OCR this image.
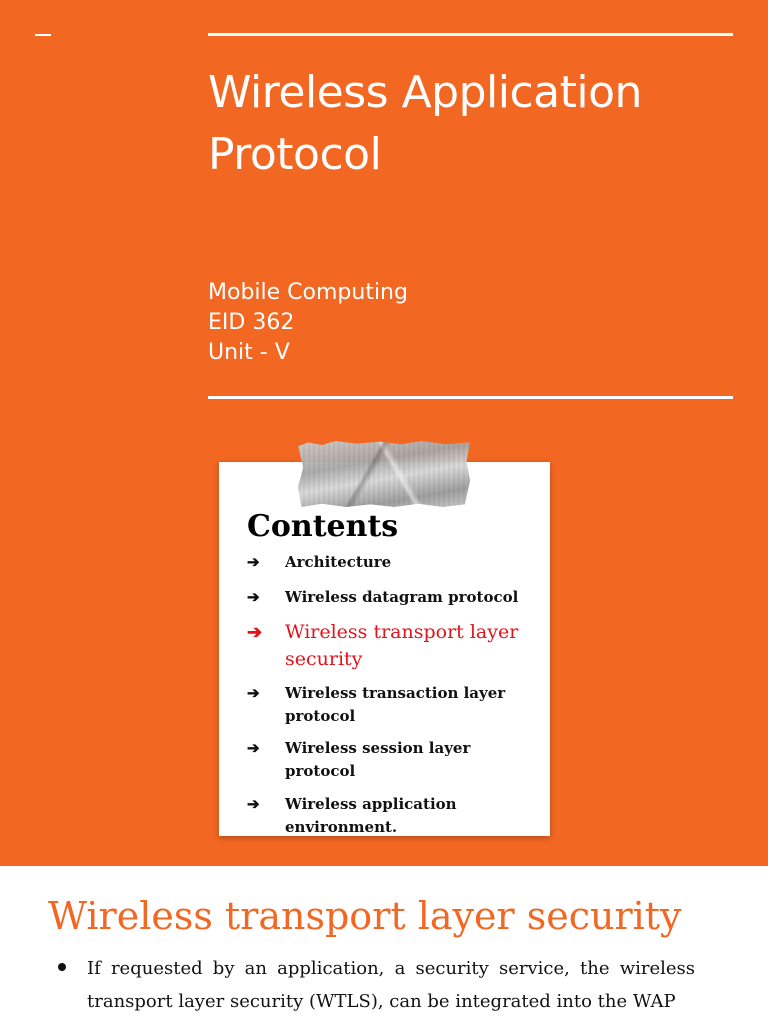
Wireless Application Protocol
Mobile Computing
EID 362
Unit - V
Contents
➔	Architecture
➔	Wireless datagram protocol
➔	Wireless transport layer security
➔	Wireless transaction layer protocol
➔	Wireless session layer protocol
➔	Wireless application environment.
Wireless transport layer security

If requested by an application, a security service, the wireless transport layer security (WTLS), can be integrated into the WAP
